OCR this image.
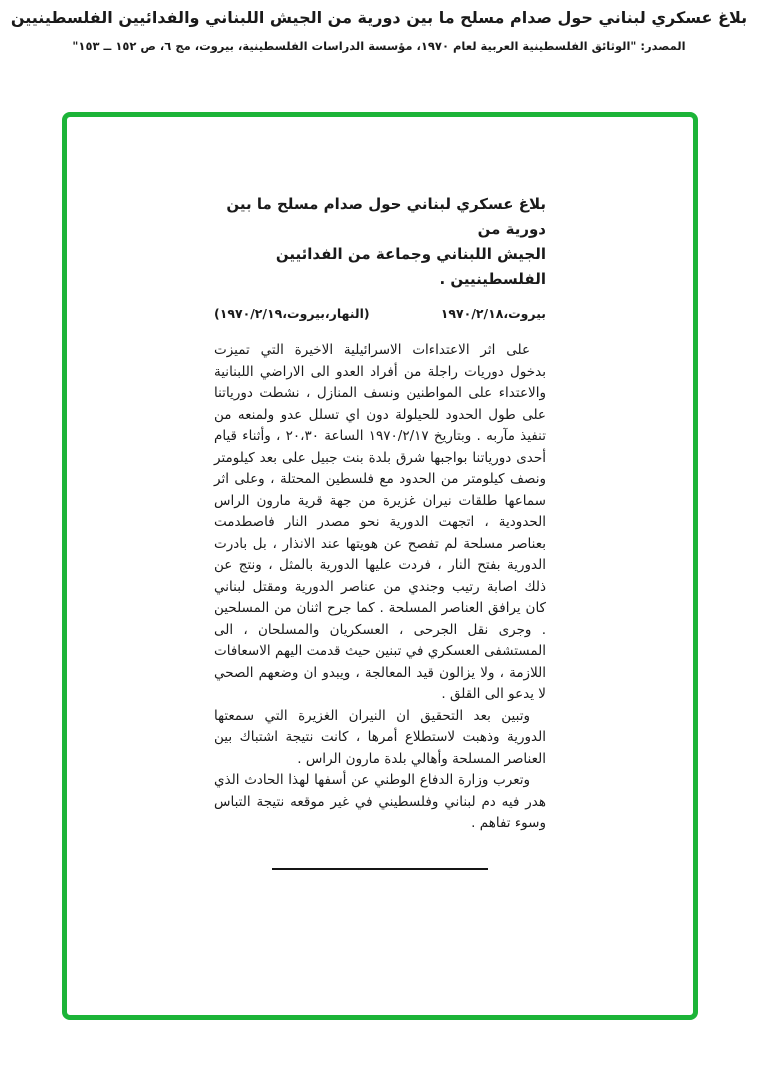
بلاغ عسكري لبناني حول صدام مسلح ما بين دورية من الجيش اللبناني والفدائيين الفلسطينيين
المصدر: "الوثائق الفلسطينية العربية لعام ١٩٧٠، مؤسسة الدراسات الفلسطينية، بيروت، مج ٦، ص ١٥٢ ــ ١٥٣"
بلاغ عسكري لبناني حول صدام مسلح ما بين دورية من
الجيش اللبناني وجماعة من الفدائيين الفلسطينيين .
بيروت،١٩٧٠/٢/١٨
(النهار،بيروت،١٩٧٠/٢/١٩)

على اثر الاعتداءات الاسرائيلية الاخيرة التي تميزت بدخول دوريات راجلة من أفراد العدو الى الاراضي اللبنانية والاعتداء على المواطنين ونسف المنازل ، نشطت دورياتنا على طول الحدود للحيلولة دون اي تسلل عدو ولمنعه من تنفيذ مآربه . وبتاريخ ١٩٧٠/٢/١٧ الساعة ٢٠،٣٠ ، وأثناء قيام أحدى دورياتنا بواجبها شرق بلدة بنت جبيل على بعد كيلومتر ونصف كيلومتر من الحدود مع فلسطين المحتلة ، وعلى اثر سماعها طلقات نيران غزيرة من جهة قرية مارون الراس الحدودية ، اتجهت الدورية نحو مصدر النار فاصطدمت بعناصر مسلحة لم تفصح عن هويتها عند الانذار ، بل بادرت الدورية بفتح النار ، فردت عليها الدورية بالمثل ، ونتج عن ذلك اصابة رتيب وجندي من عناصر الدورية ومقتل لبناني كان يرافق العناصر المسلحة . كما جرح اثنان من المسلحين . وجرى نقل الجرحى ، العسكريان والمسلحان ، الى المستشفى العسكري في تبنين حيث قدمت اليهم الاسعافات اللازمة ، ولا يزالون قيد المعالجة ، ويبدو ان وضعهم الصحي لا يدعو الى القلق .

وتبين بعد التحقيق ان النيران الغزيرة التي سمعتها الدورية وذهبت لاستطلاع أمرها ، كانت نتيجة اشتباك بين العناصر المسلحة وأهالي بلدة مارون الراس .

وتعرب وزارة الدفاع الوطني عن أسفها لهذا الحادث الذي هدر فيه دم لبناني وفلسطيني في غير موقعه نتيجة التباس وسوء تفاهم .
